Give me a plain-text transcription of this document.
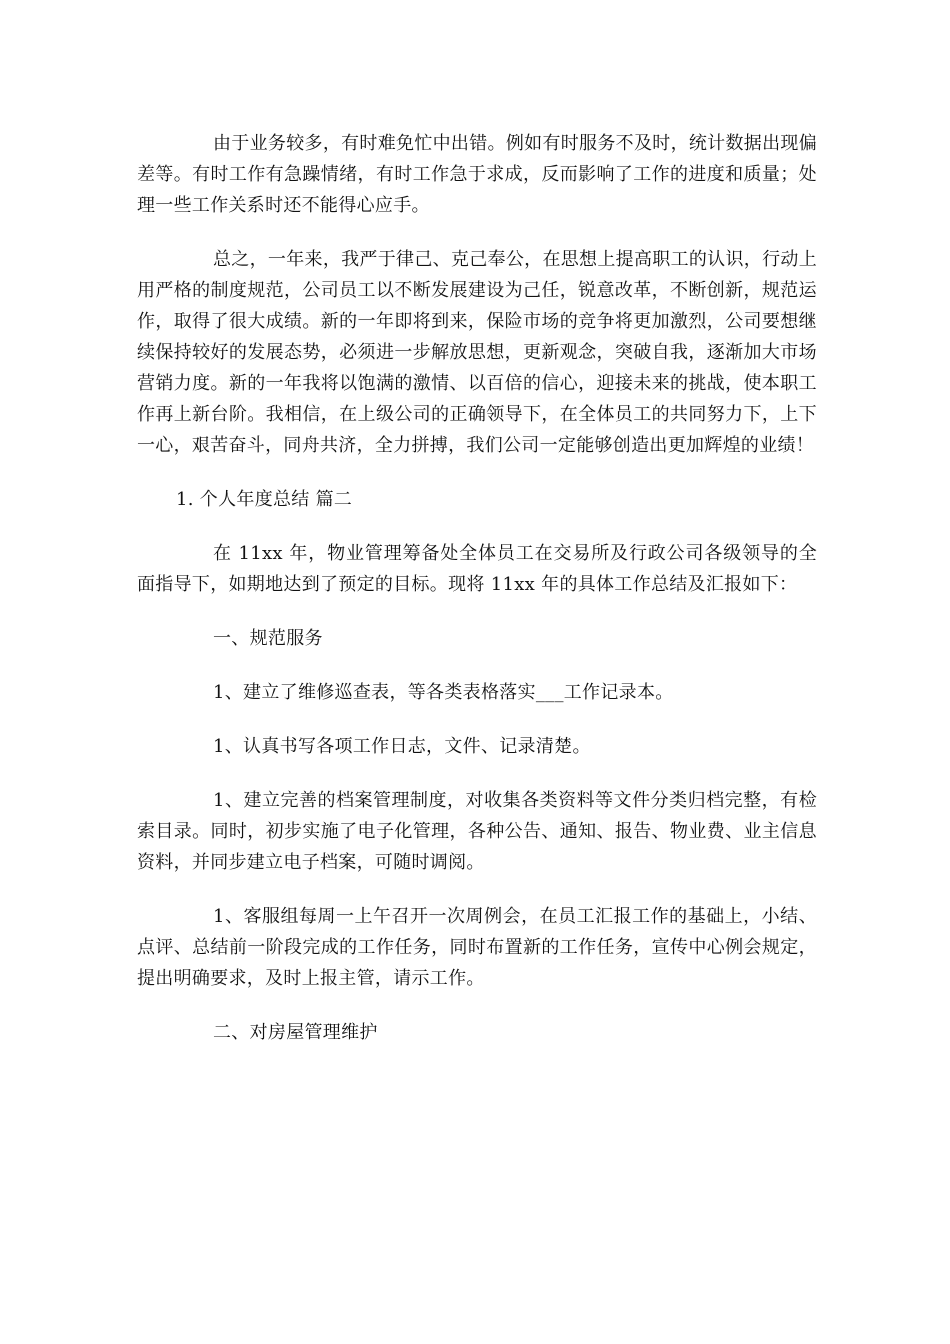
由于业务较多，有时难免忙中出错。例如有时服务不及时，统计数据出现偏差等。有时工作有急躁情绪，有时工作急于求成，反而影响了工作的进度和质量；处理一些工作关系时还不能得心应手。

总之，一年来，我严于律己、克己奉公，在思想上提高职工的认识，行动上用严格的制度规范，公司员工以不断发展建设为己任，锐意改革，不断创新，规范运作，取得了很大成绩。新的一年即将到来，保险市场的竞争将更加激烈，公司要想继续保持较好的发展态势，必须进一步解放思想，更新观念，突破自我，逐渐加大市场营销力度。新的一年我将以饱满的激情、以百倍的信心，迎接未来的挑战，使本职工作再上新台阶。我相信，在上级公司的正确领导下，在全体员工的共同努力下，上下一心，艰苦奋斗，同舟共济，全力拼搏，我们公司一定能够创造出更加辉煌的业绩！

1. 个人年度总结 篇二

在 11xx 年，物业管理筹备处全体员工在交易所及行政公司各级领导的全面指导下，如期地达到了预定的目标。现将 11xx 年的具体工作总结及汇报如下：

一、规范服务

1、建立了维修巡查表，等各类表格落实___工作记录本。

1、认真书写各项工作日志，文件、记录清楚。

1、建立完善的档案管理制度，对收集各类资料等文件分类归档完整，有检索目录。同时，初步实施了电子化管理，各种公告、通知、报告、物业费、业主信息资料，并同步建立电子档案，可随时调阅。

1、客服组每周一上午召开一次周例会，在员工汇报工作的基础上，小结、点评、总结前一阶段完成的工作任务，同时布置新的工作任务，宣传中心例会规定，提出明确要求，及时上报主管，请示工作。

二、对房屋管理维护
